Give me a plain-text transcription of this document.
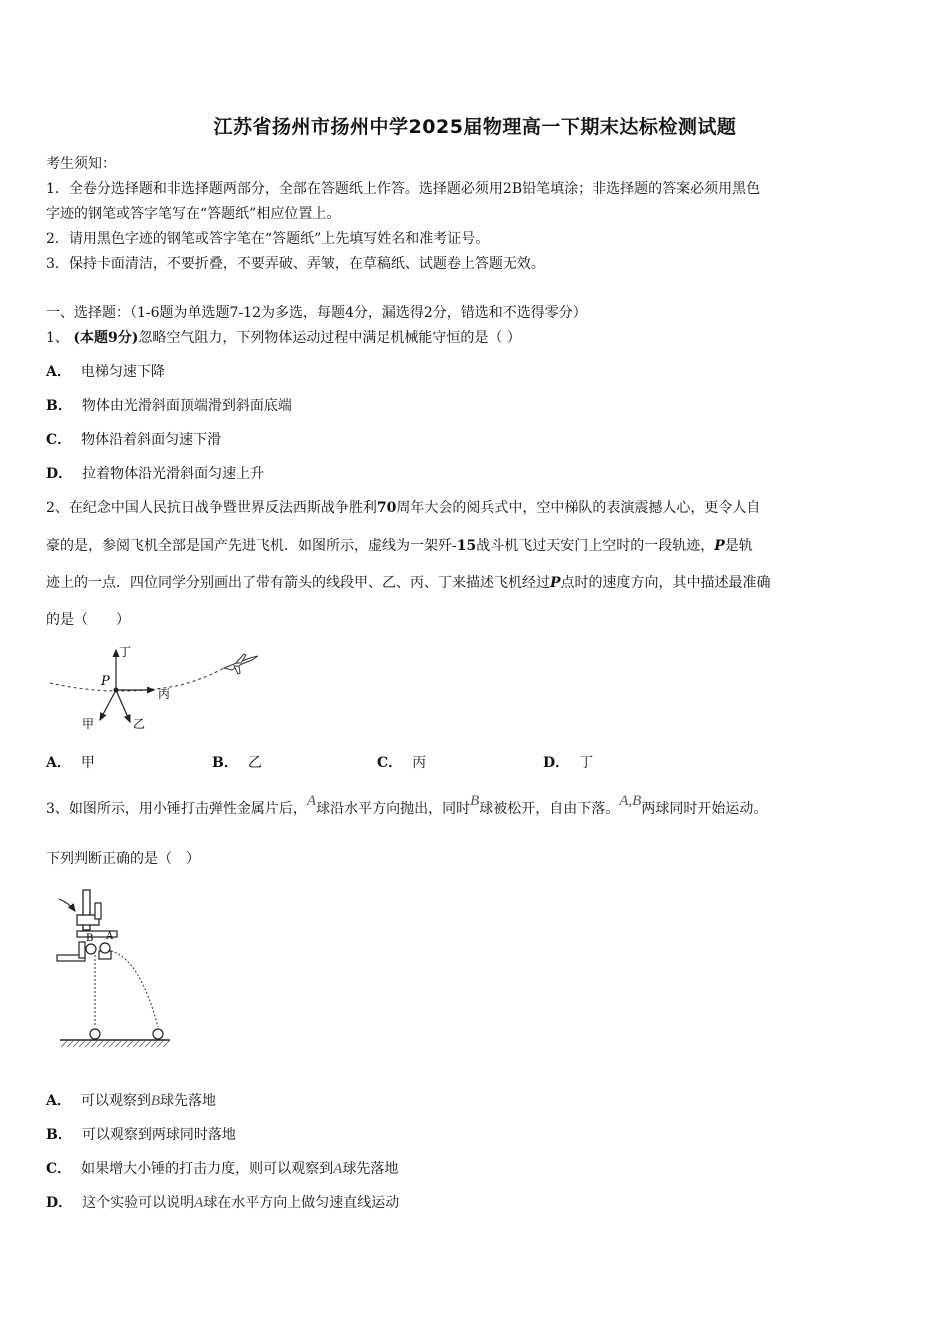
江苏省扬州市扬州中学2025届物理高一下期末达标检测试题
考生须知：
1．全卷分选择题和非选择题两部分，全部在答题纸上作答。选择题必须用2B铅笔填涂；非选择题的答案必须用黑色
字迹的钢笔或答字笔写在“答题纸”相应位置上。
2．请用黑色字迹的钢笔或答字笔在“答题纸”上先填写姓名和准考证号。
3．保持卡面清洁，不要折叠，不要弄破、弄皱，在草稿纸、试题卷上答题无效。
一、选择题：（1-6题为单选题7-12为多选，每题4分，漏选得2分，错选和不选得零分）
1、 (本题9分)忽略空气阻力，下列物体运动过程中满足机械能守恒的是（ ）
A． 电梯匀速下降
B． 物体由光滑斜面顶端滑到斜面底端
C． 物体沿着斜面匀速下滑
D． 拉着物体沿光滑斜面匀速上升
2、在纪念中国人民抗日战争暨世界反法西斯战争胜利70周年大会的阅兵式中，空中梯队的表演震撼人心，更令人自
豪的是，参阅飞机全部是国产先进飞机．如图所示，虚线为一架歼-15战斗机飞过天安门上空时的一段轨迹，P是轨
迹上的一点．四位同学分别画出了带有箭头的线段甲、乙、丙、丁来描述飞机经过P点时的速度方向，其中描述最准确
的是（　　）
P
丁
丙
甲	乙
A． 甲	B． 乙	C． 丙	D． 丁
3、如图所示，用小锤打击弹性金属片后，A球沿水平方向抛出，同时B球被松开，自由下落。A,B两球同时开始运动。
下列判断正确的是（　）
B A
A． 可以观察到B球先落地
B． 可以观察到两球同时落地
C． 如果增大小锤的打击力度，则可以观察到A球先落地
D． 这个实验可以说明A球在水平方向上做匀速直线运动
